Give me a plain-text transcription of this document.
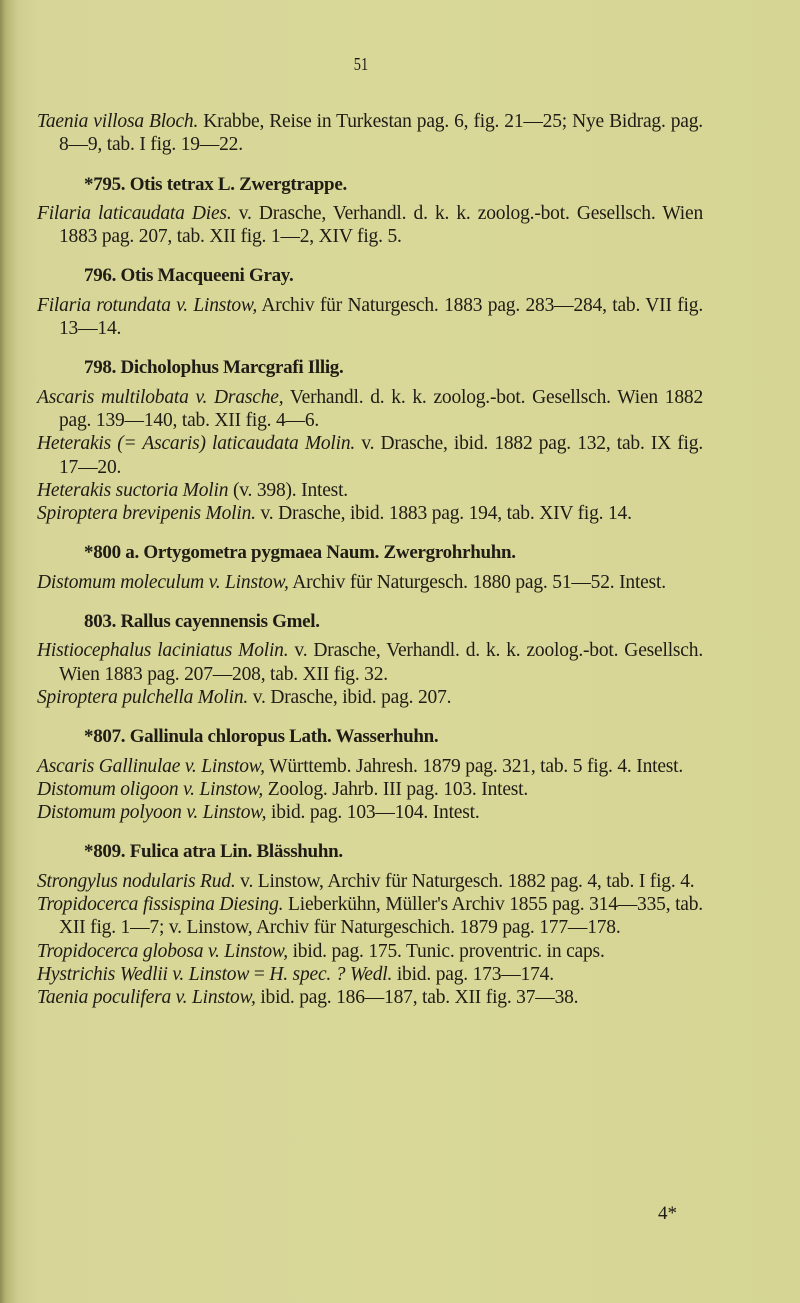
51

Taenia villosa Bloch. Krabbe, Reise in Turkestan pag. 6, fig. 21—25; Nye Bidrag. pag. 8—9, tab. I fig. 19—22.

*795. Otis tetrax L. Zwergtrappe.

Filaria laticaudata Dies. v. Drasche, Verhandl. d. k. k. zoolog.-bot. Gesellsch. Wien 1883 pag. 207, tab. XII fig. 1—2, XIV fig. 5.

796. Otis Macqueeni Gray.

Filaria rotundata v. Linstow, Archiv für Naturgesch. 1883 pag. 283—284, tab. VII fig. 13—14.

798. Dicholophus Marcgrafi Illig.

Ascaris multilobata v. Drasche, Verhandl. d. k. k. zoolog.-bot. Gesellsch. Wien 1882 pag. 139—140, tab. XII fig. 4—6.

Heterakis (= Ascaris) laticaudata Molin. v. Drasche, ibid. 1882 pag. 132, tab. IX fig. 17—20.

Heterakis suctoria Molin (v. 398). Intest.

Spiroptera brevipenis Molin. v. Drasche, ibid. 1883 pag. 194, tab. XIV fig. 14.

*800 a. Ortygometra pygmaea Naum. Zwergrohrhuhn.

Distomum moleculum v. Linstow, Archiv für Naturgesch. 1880 pag. 51—52. Intest.

803. Rallus cayennensis Gmel.

Histiocephalus laciniatus Molin. v. Drasche, Verhandl. d. k. k. zoolog.-bot. Gesellsch. Wien 1883 pag. 207—208, tab. XII fig. 32.

Spiroptera pulchella Molin. v. Drasche, ibid. pag. 207.

*807. Gallinula chloropus Lath. Wasserhuhn.

Ascaris Gallinulae v. Linstow, Württemb. Jahresh. 1879 pag. 321, tab. 5 fig. 4. Intest.

Distomum oligoon v. Linstow, Zoolog. Jahrb. III pag. 103. Intest.

Distomum polyoon v. Linstow, ibid. pag. 103—104. Intest.

*809. Fulica atra Lin. Blässhuhn.

Strongylus nodularis Rud. v. Linstow, Archiv für Naturgesch. 1882 pag. 4, tab. I fig. 4.

Tropidocerca fissispina Diesing. Lieberkühn, Müller's Archiv 1855 pag. 314—335, tab. XII fig. 1—7; v. Linstow, Archiv für Naturgeschich. 1879 pag. 177—178.

Tropidocerca globosa v. Linstow, ibid. pag. 175. Tunic. proventric. in caps.

Hystrichis Wedlii v. Linstow = H. spec. ? Wedl. ibid. pag. 173—174.

Taenia poculifera v. Linstow, ibid. pag. 186—187, tab. XII fig. 37—38.

4*
